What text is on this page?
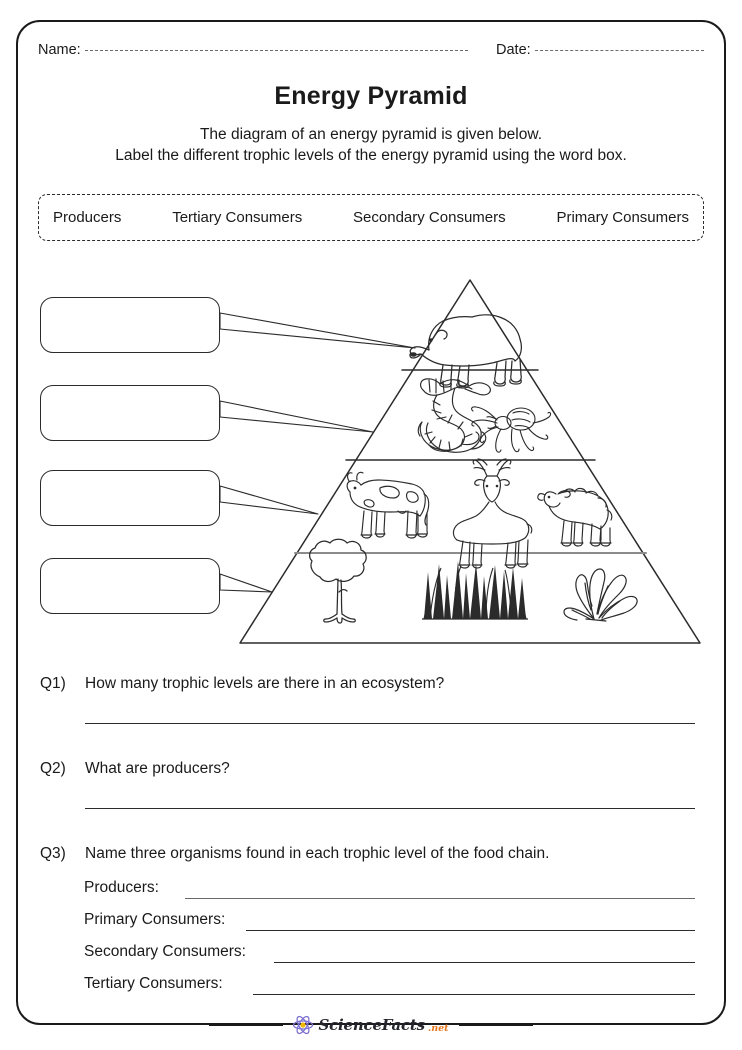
Name:	Date:
Energy Pyramid
The diagram of an energy pyramid is given below.
Label the different trophic levels of the energy pyramid using the word box.
Producers	Tertiary Consumers	Secondary Consumers	Primary Consumers
Q1) How many trophic levels are there in an ecosystem?
Q2) What are producers?
Q3) Name three organisms found in each trophic level of the food chain.
Producers:
Primary Consumers:
Secondary Consumers:
Tertiary Consumers:
ScienceFacts .net
